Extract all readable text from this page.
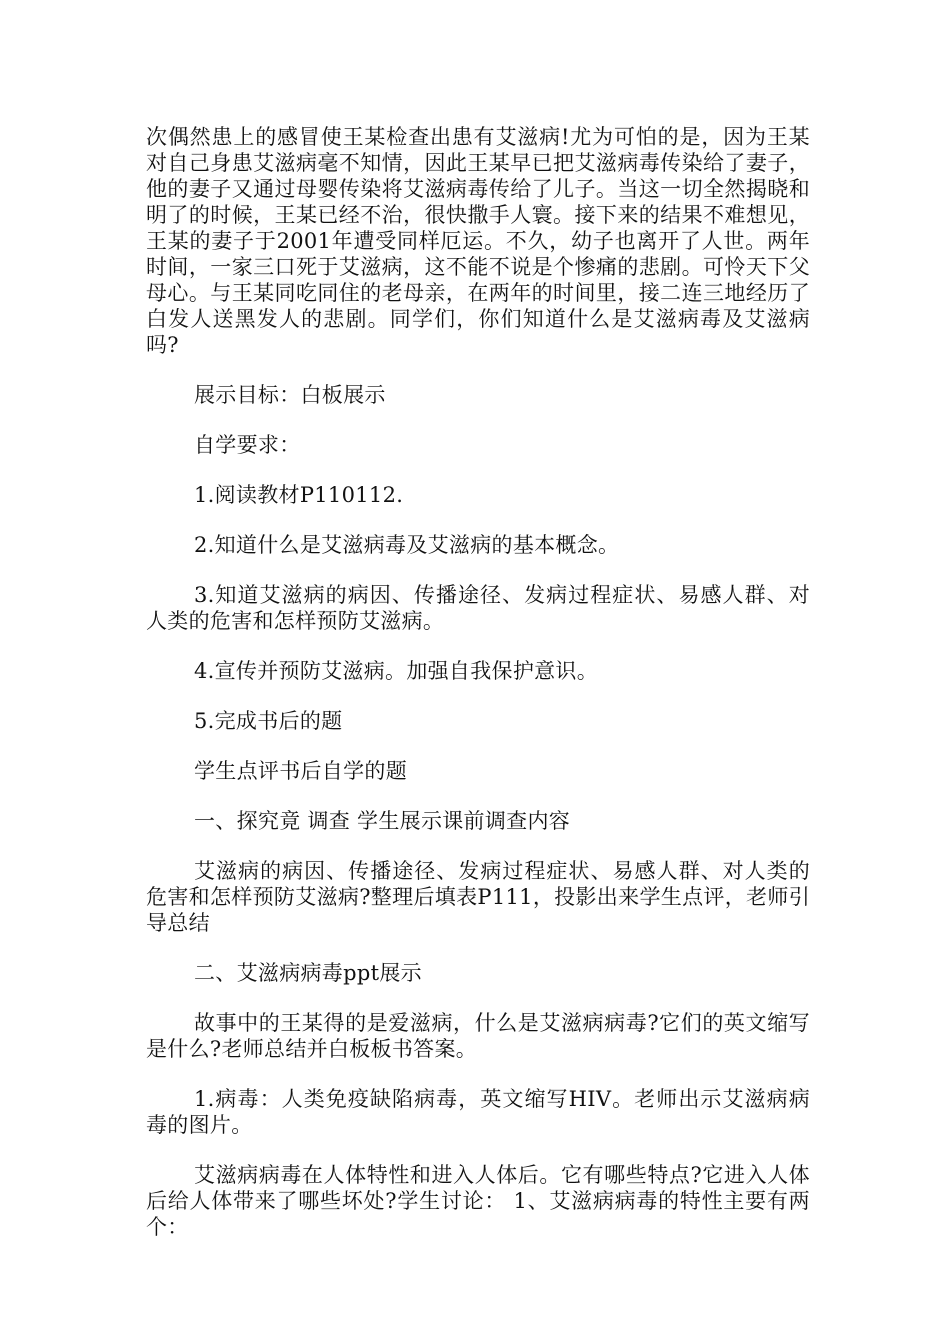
次偶然患上的感冒使王某检查出患有艾滋病!尤为可怕的是，因为王某对自己身患艾滋病毫不知情，因此王某早已把艾滋病毒传染给了妻子，他的妻子又通过母婴传染将艾滋病毒传给了儿子。当这一切全然揭晓和明了的时候，王某已经不治，很快撒手人寰。接下来的结果不难想见，王某的妻子于2001年遭受同样厄运。不久，幼子也离开了人世。两年时间，一家三口死于艾滋病，这不能不说是个惨痛的悲剧。可怜天下父母心。与王某同吃同住的老母亲，在两年的时间里，接二连三地经历了白发人送黑发人的悲剧。同学们，你们知道什么是艾滋病毒及艾滋病吗?

展示目标：白板展示

自学要求：

1.阅读教材P110112.

2.知道什么是艾滋病毒及艾滋病的基本概念。

3.知道艾滋病的病因、传播途径、发病过程症状、易感人群、对人类的危害和怎样预防艾滋病。

4.宣传并预防艾滋病。加强自我保护意识。

5.完成书后的题

学生点评书后自学的题

一、探究竟 调查 学生展示课前调查内容

艾滋病的病因、传播途径、发病过程症状、易感人群、对人类的危害和怎样预防艾滋病?整理后填表P111，投影出来学生点评，老师引导总结

二、艾滋病病毒ppt展示

故事中的王某得的是爱滋病，什么是艾滋病病毒?它们的英文缩写是什么?老师总结并白板板书答案。

1.病毒：人类免疫缺陷病毒，英文缩写HIV。老师出示艾滋病病毒的图片。

艾滋病病毒在人体特性和进入人体后。它有哪些特点?它进入人体后给人体带来了哪些坏处?学生讨论： 1、艾滋病病毒的特性主要有两个：
